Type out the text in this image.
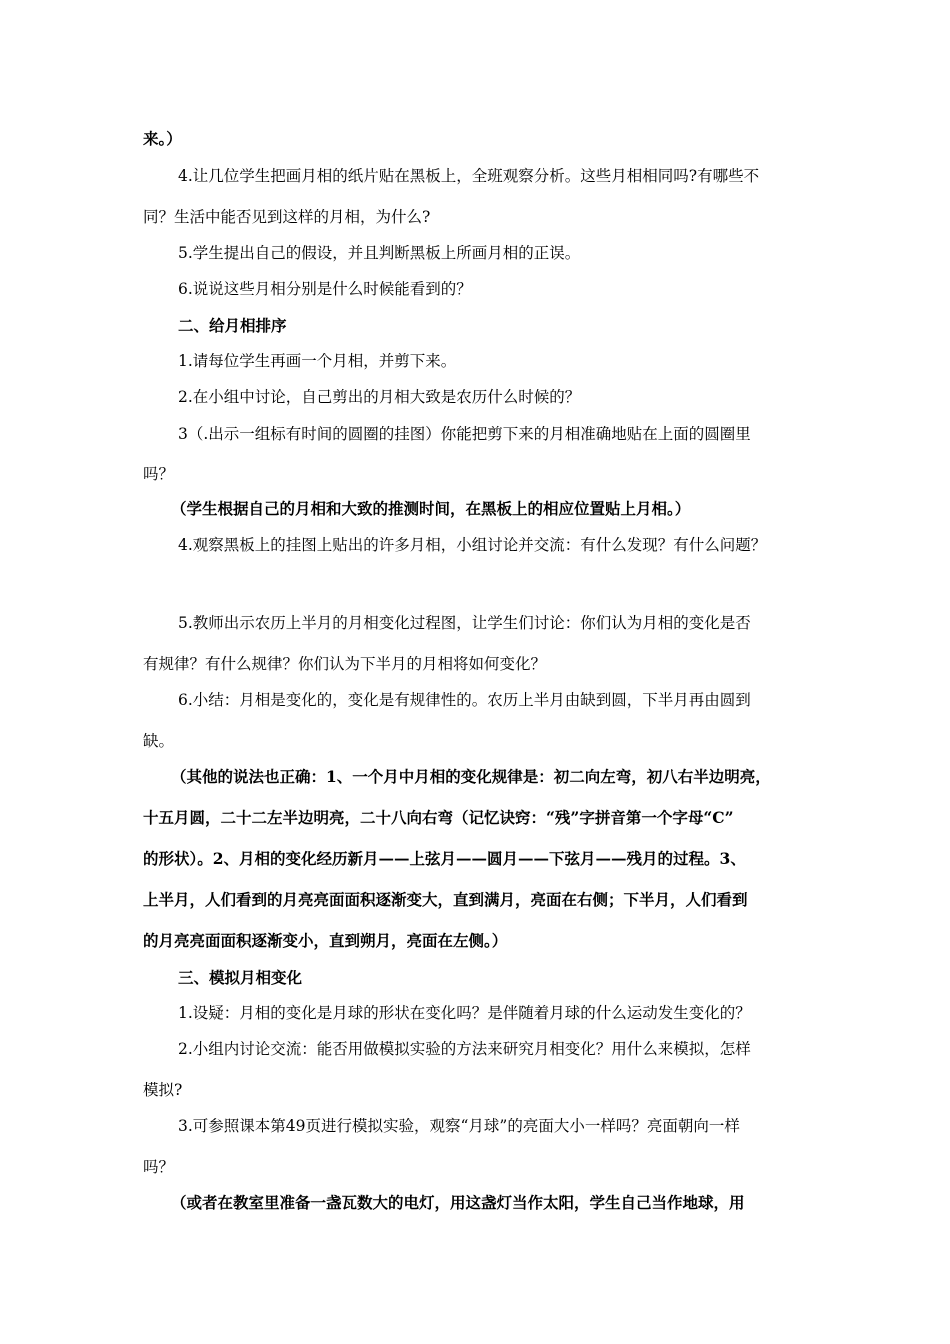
来。）
4.让几位学生把画月相的纸片贴在黑板上，全班观察分析。这些月相相同吗?有哪些不
同？生活中能否见到这样的月相，为什么?
5.学生提出自己的假设，并且判断黑板上所画月相的正误。
6.说说这些月相分别是什么时候能看到的？
二、给月相排序
1.请每位学生再画一个月相，并剪下来。
2.在小组中讨论，自己剪出的月相大致是农历什么时候的？
3（.出示一组标有时间的圆圈的挂图）你能把剪下来的月相准确地贴在上面的圆圈里
吗？
（学生根据自己的月相和大致的推测时间，在黑板上的相应位置贴上月相。）
4.观察黑板上的挂图上贴出的许多月相，小组讨论并交流：有什么发现？有什么问题？
5.教师出示农历上半月的月相变化过程图，让学生们讨论：你们认为月相的变化是否
有规律？有什么规律？你们认为下半月的月相将如何变化？
6.小结：月相是变化的，变化是有规律性的。农历上半月由缺到圆，下半月再由圆到
缺。
（其他的说法也正确：1、一个月中月相的变化规律是：初二向左弯，初八右半边明亮，
十五月圆，二十二左半边明亮，二十八向右弯（记忆诀窍：“残”字拼音第一个字母“C”
的形状）。2、月相的变化经历新月——上弦月——圆月——下弦月——残月的过程。3、
上半月，人们看到的月亮亮面面积逐渐变大，直到满月，亮面在右侧；下半月，人们看到
的月亮亮面面积逐渐变小，直到朔月，亮面在左侧。）
三、模拟月相变化
1.设疑：月相的变化是月球的形状在变化吗？是伴随着月球的什么运动发生变化的？
2.小组内讨论交流：能否用做模拟实验的方法来研究月相变化？用什么来模拟，怎样
模拟?
3.可参照课本第49页进行模拟实验，观察“月球”的亮面大小一样吗？亮面朝向一样
吗？
（或者在教室里准备一盏瓦数大的电灯，用这盏灯当作太阳，学生自己当作地球，用
